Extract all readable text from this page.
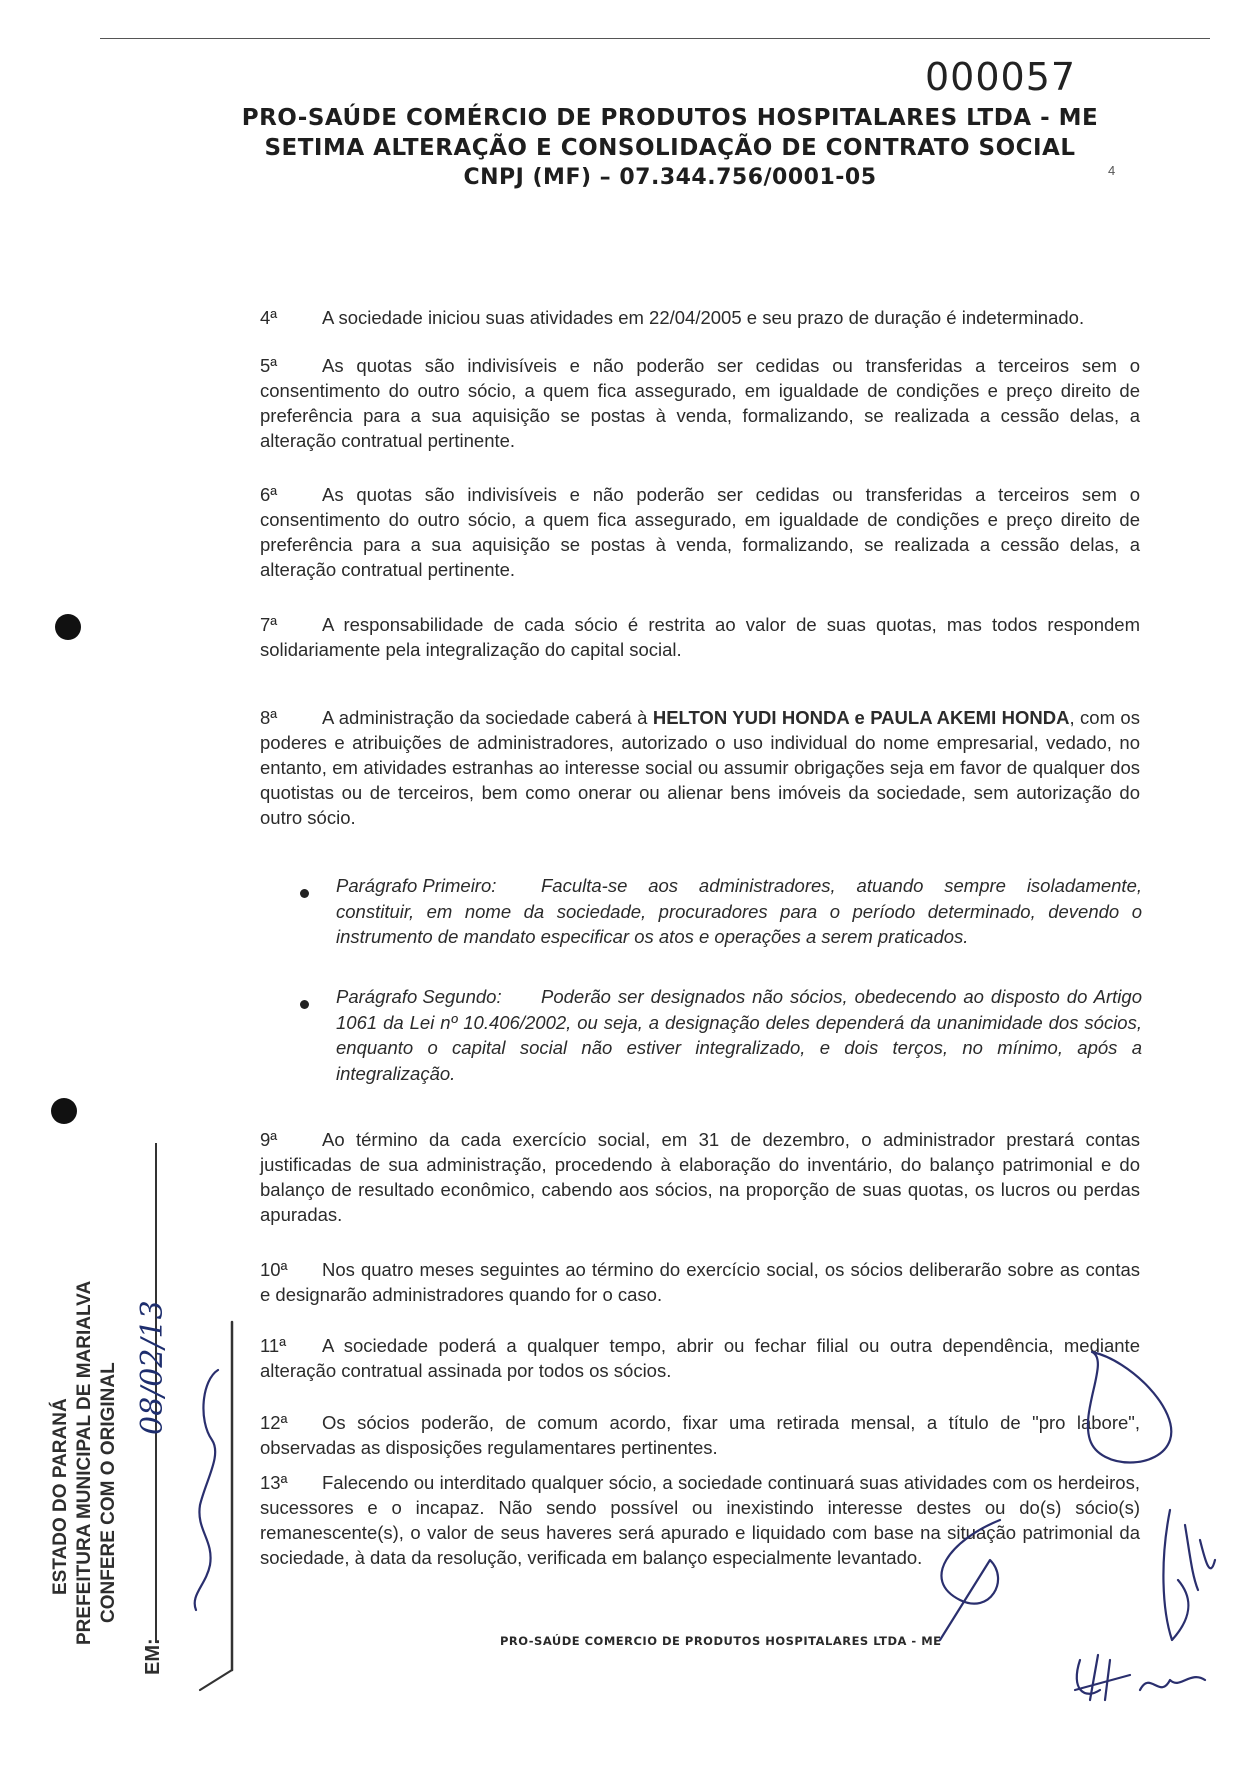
000057
PRO-SAÚDE COMÉRCIO DE PRODUTOS HOSPITALARES LTDA - ME
SETIMA ALTERAÇÃO E CONSOLIDAÇÃO DE CONTRATO SOCIAL
CNPJ (MF) – 07.344.756/0001-05	4
4ª A sociedade iniciou suas atividades em 22/04/2005 e seu prazo de duração é indeterminado.
5ª As quotas são indivisíveis e não poderão ser cedidas ou transferidas a terceiros sem o consentimento do outro sócio, a quem fica assegurado, em igualdade de condições e preço direito de preferência para a sua aquisição se postas à venda, formalizando, se realizada a cessão delas, a alteração contratual pertinente.
6ª As quotas são indivisíveis e não poderão ser cedidas ou transferidas a terceiros sem o consentimento do outro sócio, a quem fica assegurado, em igualdade de condições e preço direito de preferência para a sua aquisição se postas à venda, formalizando, se realizada a cessão delas, a alteração contratual pertinente.
7ª A responsabilidade de cada sócio é restrita ao valor de suas quotas, mas todos respondem solidariamente pela integralização do capital social.
8ª A administração da sociedade caberá à HELTON YUDI HONDA e PAULA AKEMI HONDA, com os poderes e atribuições de administradores, autorizado o uso individual do nome empresarial, vedado, no entanto, em atividades estranhas ao interesse social ou assumir obrigações seja em favor de qualquer dos quotistas ou de terceiros, bem como onerar ou alienar bens imóveis da sociedade, sem autorização do outro sócio.
Parágrafo Primeiro: Faculta-se aos administradores, atuando sempre isoladamente, constituir, em nome da sociedade, procuradores para o período determinado, devendo o instrumento de mandato especificar os atos e operações a serem praticados.
Parágrafo Segundo: Poderão ser designados não sócios, obedecendo ao disposto do Artigo 1061 da Lei nº 10.406/2002, ou seja, a designação deles dependerá da unanimidade dos sócios, enquanto o capital social não estiver integralizado, e dois terços, no mínimo, após a integralização.
9ª Ao término da cada exercício social, em 31 de dezembro, o administrador prestará contas justificadas de sua administração, procedendo à elaboração do inventário, do balanço patrimonial e do balanço de resultado econômico, cabendo aos sócios, na proporção de suas quotas, os lucros ou perdas apuradas.
10ª Nos quatro meses seguintes ao término do exercício social, os sócios deliberarão sobre as contas e designarão administradores quando for o caso.
11ª A sociedade poderá a qualquer tempo, abrir ou fechar filial ou outra dependência, mediante alteração contratual assinada por todos os sócios.
12ª Os sócios poderão, de comum acordo, fixar uma retirada mensal, a título de "pro labore", observadas as disposições regulamentares pertinentes.
13ª Falecendo ou interditado qualquer sócio, a sociedade continuará suas atividades com os herdeiros, sucessores e o incapaz. Não sendo possível ou inexistindo interesse destes ou do(s) sócio(s) remanescente(s), o valor de seus haveres será apurado e liquidado com base na situação patrimonial da sociedade, à data da resolução, verificada em balanço especialmente levantado.
PRO-SAÚDE COMERCIO DE PRODUTOS HOSPITALARES LTDA - ME
ESTADO DO PARANÁ PREFEITURA MUNICIPAL DE MARIALVA CONFERE COM O ORIGINAL
EM:
08/02/13
